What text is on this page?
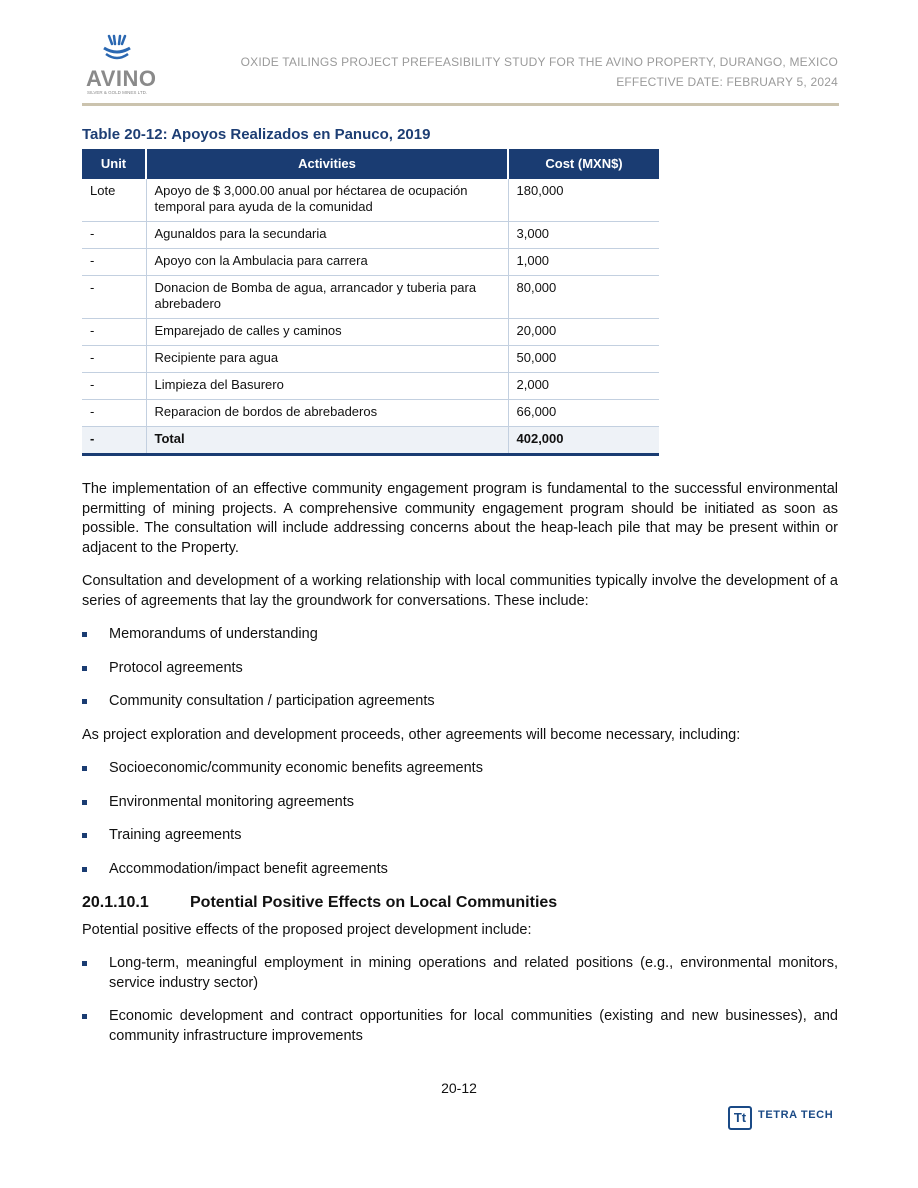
AVINO
SILVER & GOLD MINES LTD.
OXIDE TAILINGS PROJECT PREFEASIBILITY STUDY FOR THE AVINO PROPERTY, DURANGO, MEXICO
EFFECTIVE DATE: FEBRUARY 5, 2024
Table 20-12: Apoyos Realizados en Panuco, 2019
Unit	Activities	Cost (MXN$)
Lote	Apoyo de $ 3,000.00 anual por héctarea de ocupación temporal para ayuda de la comunidad	180,000
-	Agunaldos para la secundaria	3,000
-	Apoyo con la Ambulacia para carrera	1,000
-	Donacion de Bomba de agua, arrancador y tuberia para abrebadero	80,000
-	Emparejado de calles y caminos	20,000
-	Recipiente para agua	50,000
-	Limpieza del Basurero	2,000
-	Reparacion de bordos de abrebaderos	66,000
-	Total	402,000

The implementation of an effective community engagement program is fundamental to the successful environmental permitting of mining projects. A comprehensive community engagement program should be initiated as soon as possible. The consultation will include addressing concerns about the heap-leach pile that may be present within or adjacent to the Property.

Consultation and development of a working relationship with local communities typically involve the development of a series of agreements that lay the groundwork for conversations. These include:

Memorandums of understanding
Protocol agreements
Community consultation / participation agreements

As project exploration and development proceeds, other agreements will become necessary, including:

Socioeconomic/community economic benefits agreements
Environmental monitoring agreements
Training agreements
Accommodation/impact benefit agreements
20.1.10.1	Potential Positive Effects on Local Communities

Potential positive effects of the proposed project development include:

Long-term, meaningful employment in mining operations and related positions (e.g., environmental monitors, service industry sector)
Economic development and contract opportunities for local communities (existing and new businesses), and community infrastructure improvements
20-12
Tt	TETRA TECH
